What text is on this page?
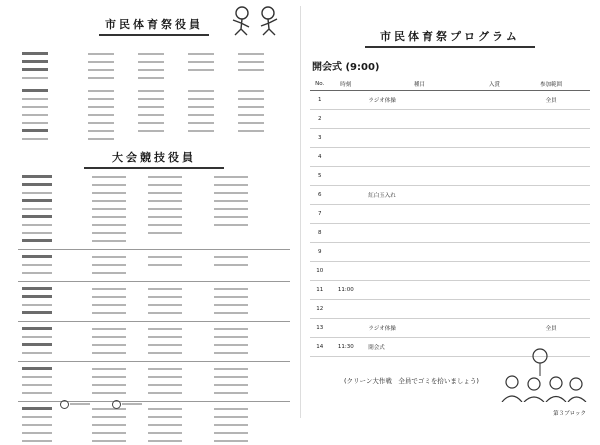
市民体育祭役員
大会競技役員
市民体育祭プログラム
開会式 (9:00)
No.	時刻	種目	入賞	参加範囲
1		ラジオ体操		全員
2				
3				
4				
5				
6		紅白玉入れ		
7				
8				
9				
10				
11	11:00			
12				
13		ラジオ体操		全員
14	11:30	閉会式		
(クリーン大作戦　全員でゴミを拾いましょう)
第３ブロック
